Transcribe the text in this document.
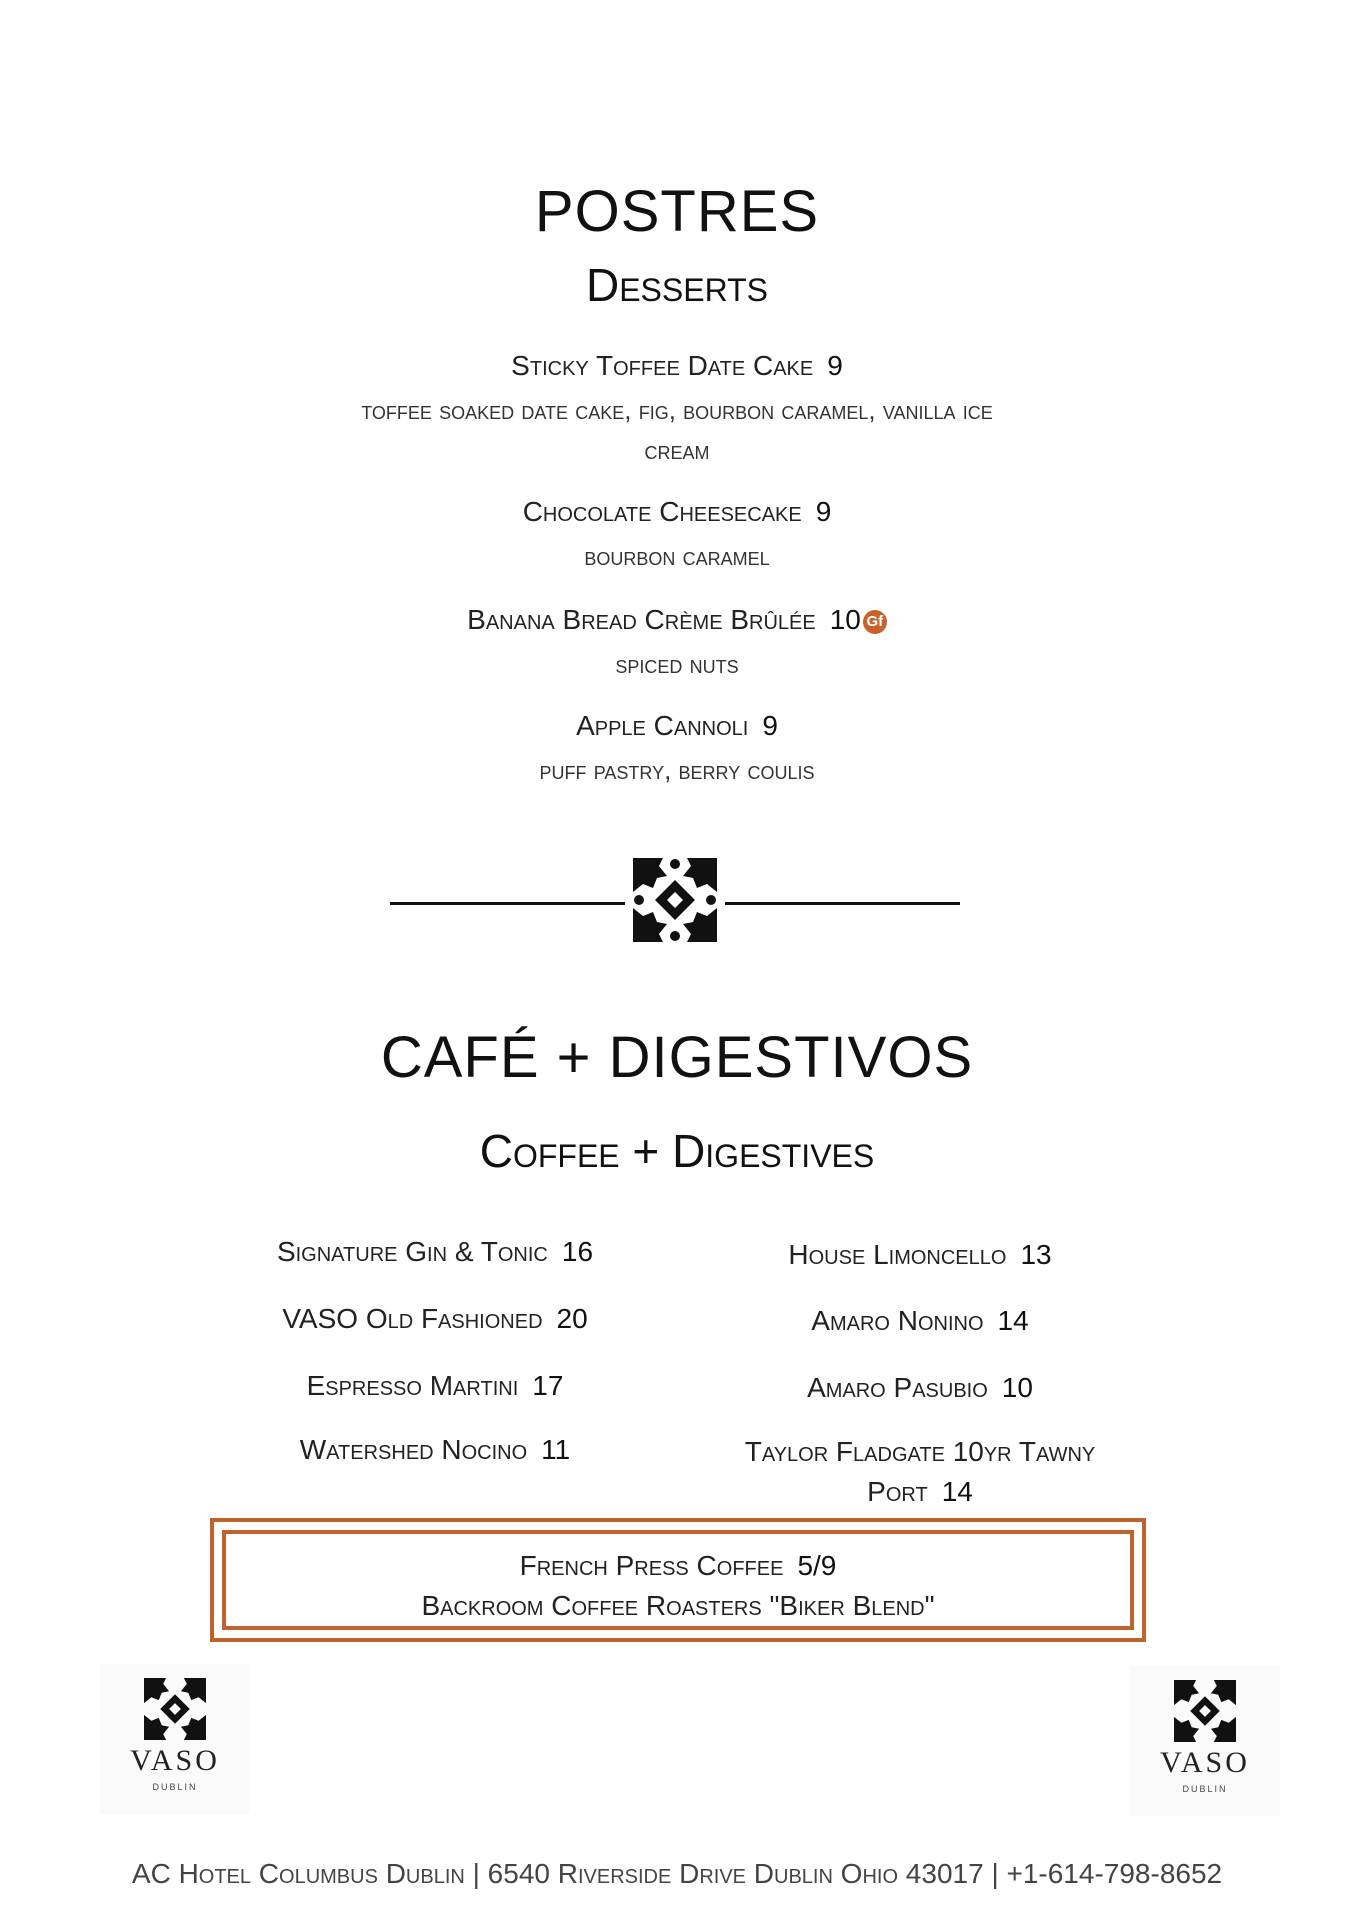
POSTRES
Desserts
Sticky Toffee Date Cake 9
toffee soaked date cake, fig, bourbon caramel, vanilla ice
cream
Chocolate Cheesecake 9
bourbon caramel
Banana Bread Crème Brûlée 10 Gf
spiced nuts
Apple Cannoli 9
puff pastry, berry coulis
CAFÉ + DIGESTIVOS
Coffee + Digestives
Signature Gin & Tonic 16
VASO Old Fashioned 20
Espresso Martini 17
Watershed Nocino 11
House Limoncello 13
Amaro Nonino 14
Amaro Pasubio 10
Taylor Fladgate 10yr Tawny
Port 14
French Press Coffee 5/9
Backroom Coffee Roasters "Biker Blend"
VASO
DUBLIN
VASO
DUBLIN
AC Hotel Columbus Dublin | 6540 Riverside Drive Dublin Ohio 43017 | +1-614-798-8652
